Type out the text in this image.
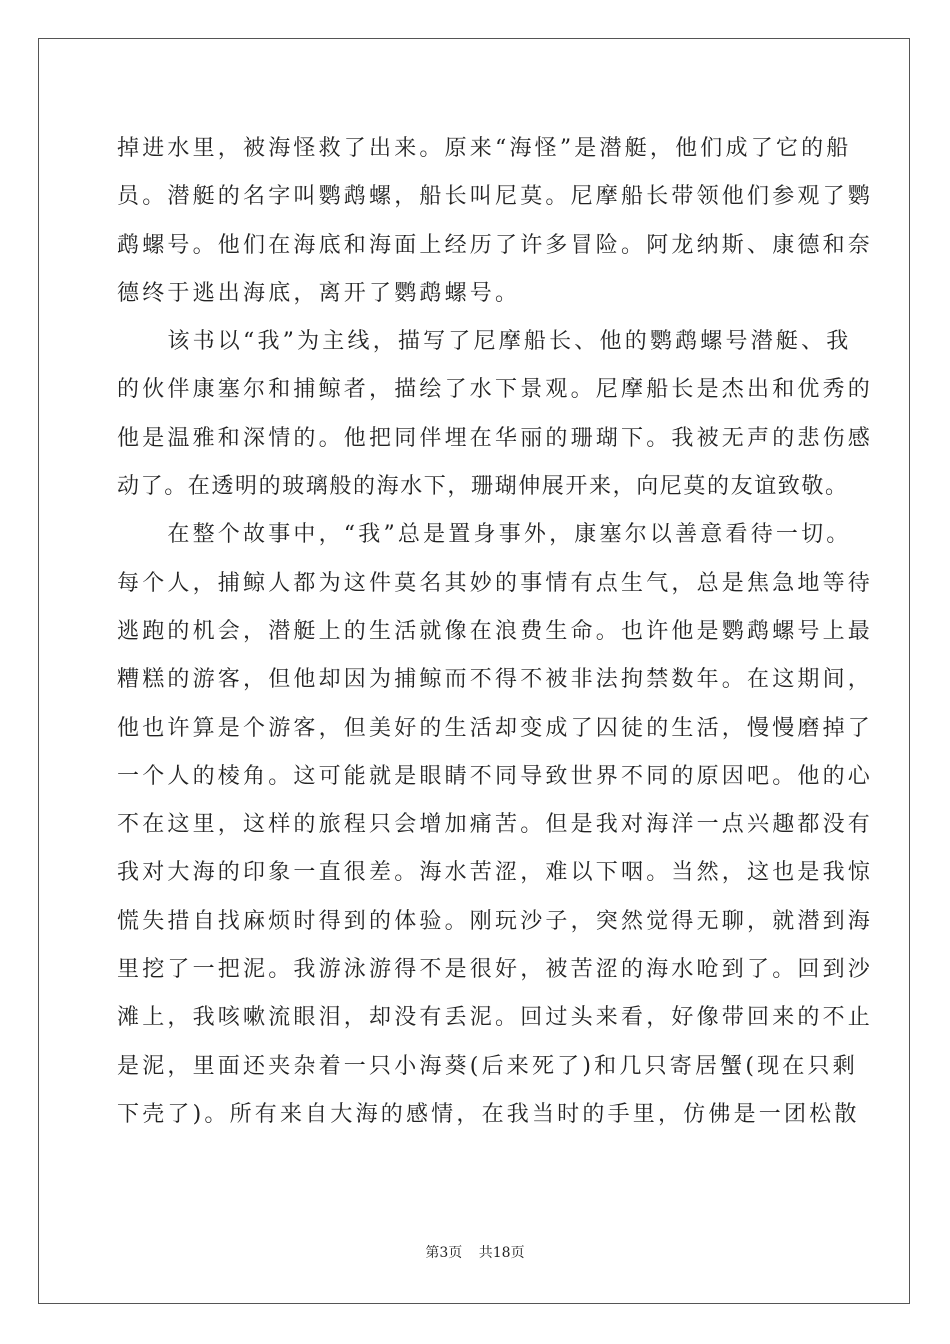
掉进水里，被海怪救了出来。原来“海怪”是潜艇，他们成了它的船
员。潜艇的名字叫鹦鹉螺，船长叫尼莫。尼摩船长带领他们参观了鹦
鹉螺号。他们在海底和海面上经历了许多冒险。阿龙纳斯、康德和奈
德终于逃出海底，离开了鹦鹉螺号。
　　该书以“我”为主线，描写了尼摩船长、他的鹦鹉螺号潜艇、我
的伙伴康塞尔和捕鲸者，描绘了水下景观。尼摩船长是杰出和优秀的
他是温雅和深情的。他把同伴埋在华丽的珊瑚下。我被无声的悲伤感
动了。在透明的玻璃般的海水下，珊瑚伸展开来，向尼莫的友谊致敬。
　　在整个故事中，“我”总是置身事外，康塞尔以善意看待一切。
每个人，捕鲸人都为这件莫名其妙的事情有点生气，总是焦急地等待
逃跑的机会，潜艇上的生活就像在浪费生命。也许他是鹦鹉螺号上最
糟糕的游客，但他却因为捕鲸而不得不被非法拘禁数年。在这期间，
他也许算是个游客，但美好的生活却变成了囚徒的生活，慢慢磨掉了
一个人的棱角。这可能就是眼睛不同导致世界不同的原因吧。他的心
不在这里，这样的旅程只会增加痛苦。但是我对海洋一点兴趣都没有
我对大海的印象一直很差。海水苦涩，难以下咽。当然，这也是我惊
慌失措自找麻烦时得到的体验。刚玩沙子，突然觉得无聊，就潜到海
里挖了一把泥。我游泳游得不是很好，被苦涩的海水呛到了。回到沙
滩上，我咳嗽流眼泪，却没有丢泥。回过头来看，好像带回来的不止
是泥，里面还夹杂着一只小海葵(后来死了)和几只寄居蟹(现在只剩
下壳了)。所有来自大海的感情，在我当时的手里，仿佛是一团松散
第3页 共18页
